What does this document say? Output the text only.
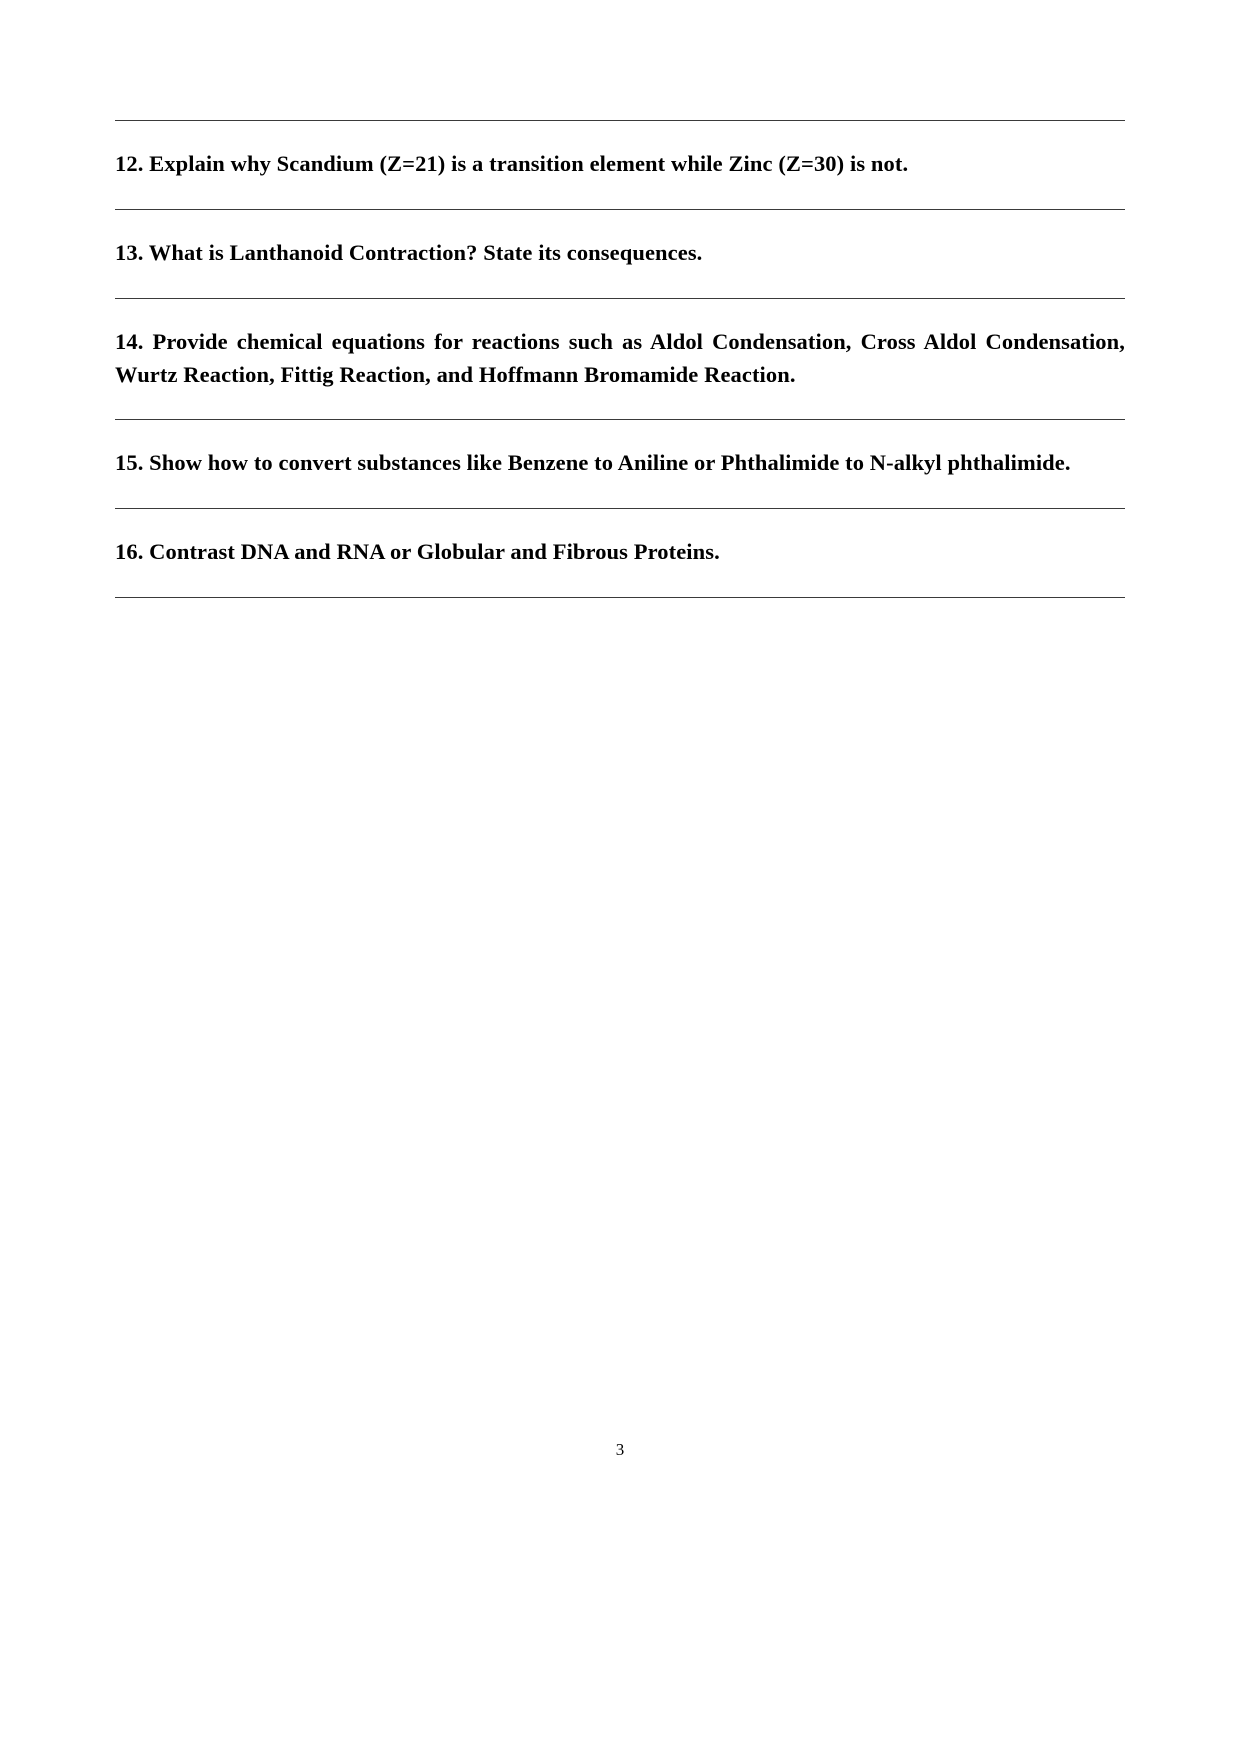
12. Explain why Scandium (Z=21) is a transition element while Zinc (Z=30) is not.

13. What is Lanthanoid Contraction? State its consequences.

14. Provide chemical equations for reactions such as Aldol Condensation, Cross Aldol Condensation, Wurtz Reaction, Fittig Reaction, and Hoffmann Bromamide Reaction.

15. Show how to convert substances like Benzene to Aniline or Phthalimide to N-alkyl phthalimide.

16. Contrast DNA and RNA or Globular and Fibrous Proteins.

3
